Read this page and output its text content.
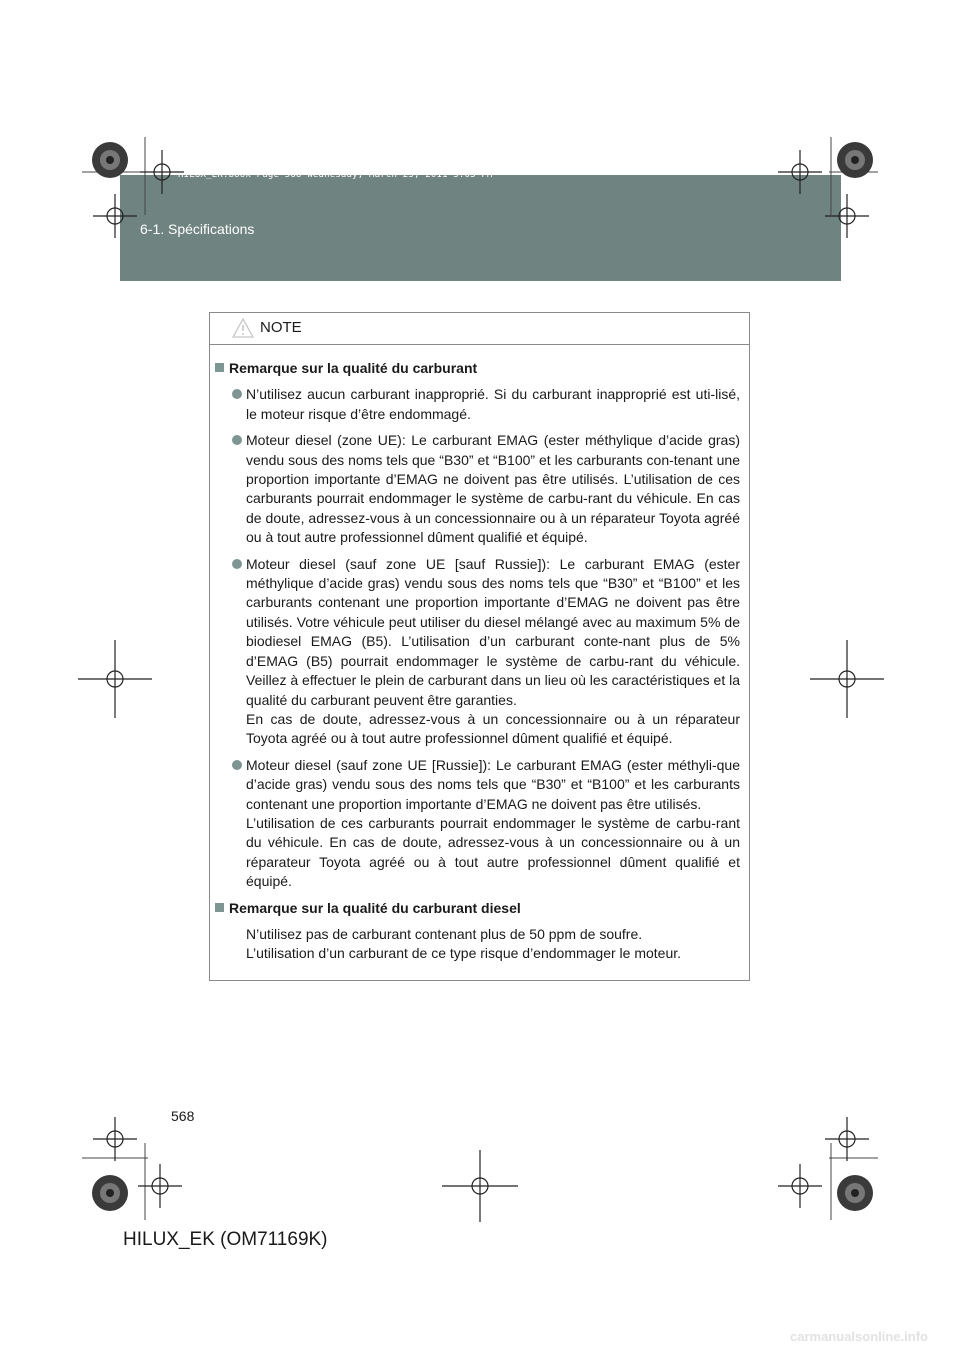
HILUX_EK.book Page 568 Wednesday, March 23, 2011 3:03 PM
6-1. Spécifications
NOTE
Remarque sur la qualité du carburant
N’utilisez aucun carburant inapproprié. Si du carburant inapproprié est uti-lisé, le moteur risque d’être endommagé.
Moteur diesel (zone UE): Le carburant EMAG (ester méthylique d’acide gras) vendu sous des noms tels que “B30” et “B100” et les carburants con-tenant une proportion importante d’EMAG ne doivent pas être utilisés. L’utilisation de ces carburants pourrait endommager le système de carbu-rant du véhicule. En cas de doute, adressez-vous à un concessionnaire ou à un réparateur Toyota agréé ou à tout autre professionnel dûment qualifié et équipé.
Moteur diesel (sauf zone UE [sauf Russie]): Le carburant EMAG (ester méthylique d’acide gras) vendu sous des noms tels que “B30” et “B100” et les carburants contenant une proportion importante d’EMAG ne doivent pas être utilisés. Votre véhicule peut utiliser du diesel mélangé avec au maximum 5% de biodiesel EMAG (B5). L’utilisation d’un carburant conte-nant plus de 5% d’EMAG (B5) pourrait endommager le système de carbu-rant du véhicule. Veillez à effectuer le plein de carburant dans un lieu où les caractéristiques et la qualité du carburant peuvent être garanties.
En cas de doute, adressez-vous à un concessionnaire ou à un réparateur Toyota agréé ou à tout autre professionnel dûment qualifié et équipé.
Moteur diesel (sauf zone UE [Russie]): Le carburant EMAG (ester méthyli-que d’acide gras) vendu sous des noms tels que “B30” et “B100” et les carburants contenant une proportion importante d’EMAG ne doivent pas être utilisés.
L’utilisation de ces carburants pourrait endommager le système de carbu-rant du véhicule. En cas de doute, adressez-vous à un concessionnaire ou à un réparateur Toyota agréé ou à tout autre professionnel dûment qualifié et équipé.
Remarque sur la qualité du carburant diesel
N’utilisez pas de carburant contenant plus de 50 ppm de soufre.
L’utilisation d’un carburant de ce type risque d’endommager le moteur.
568
HILUX_EK (OM71169K)
carmanualsonline.info
